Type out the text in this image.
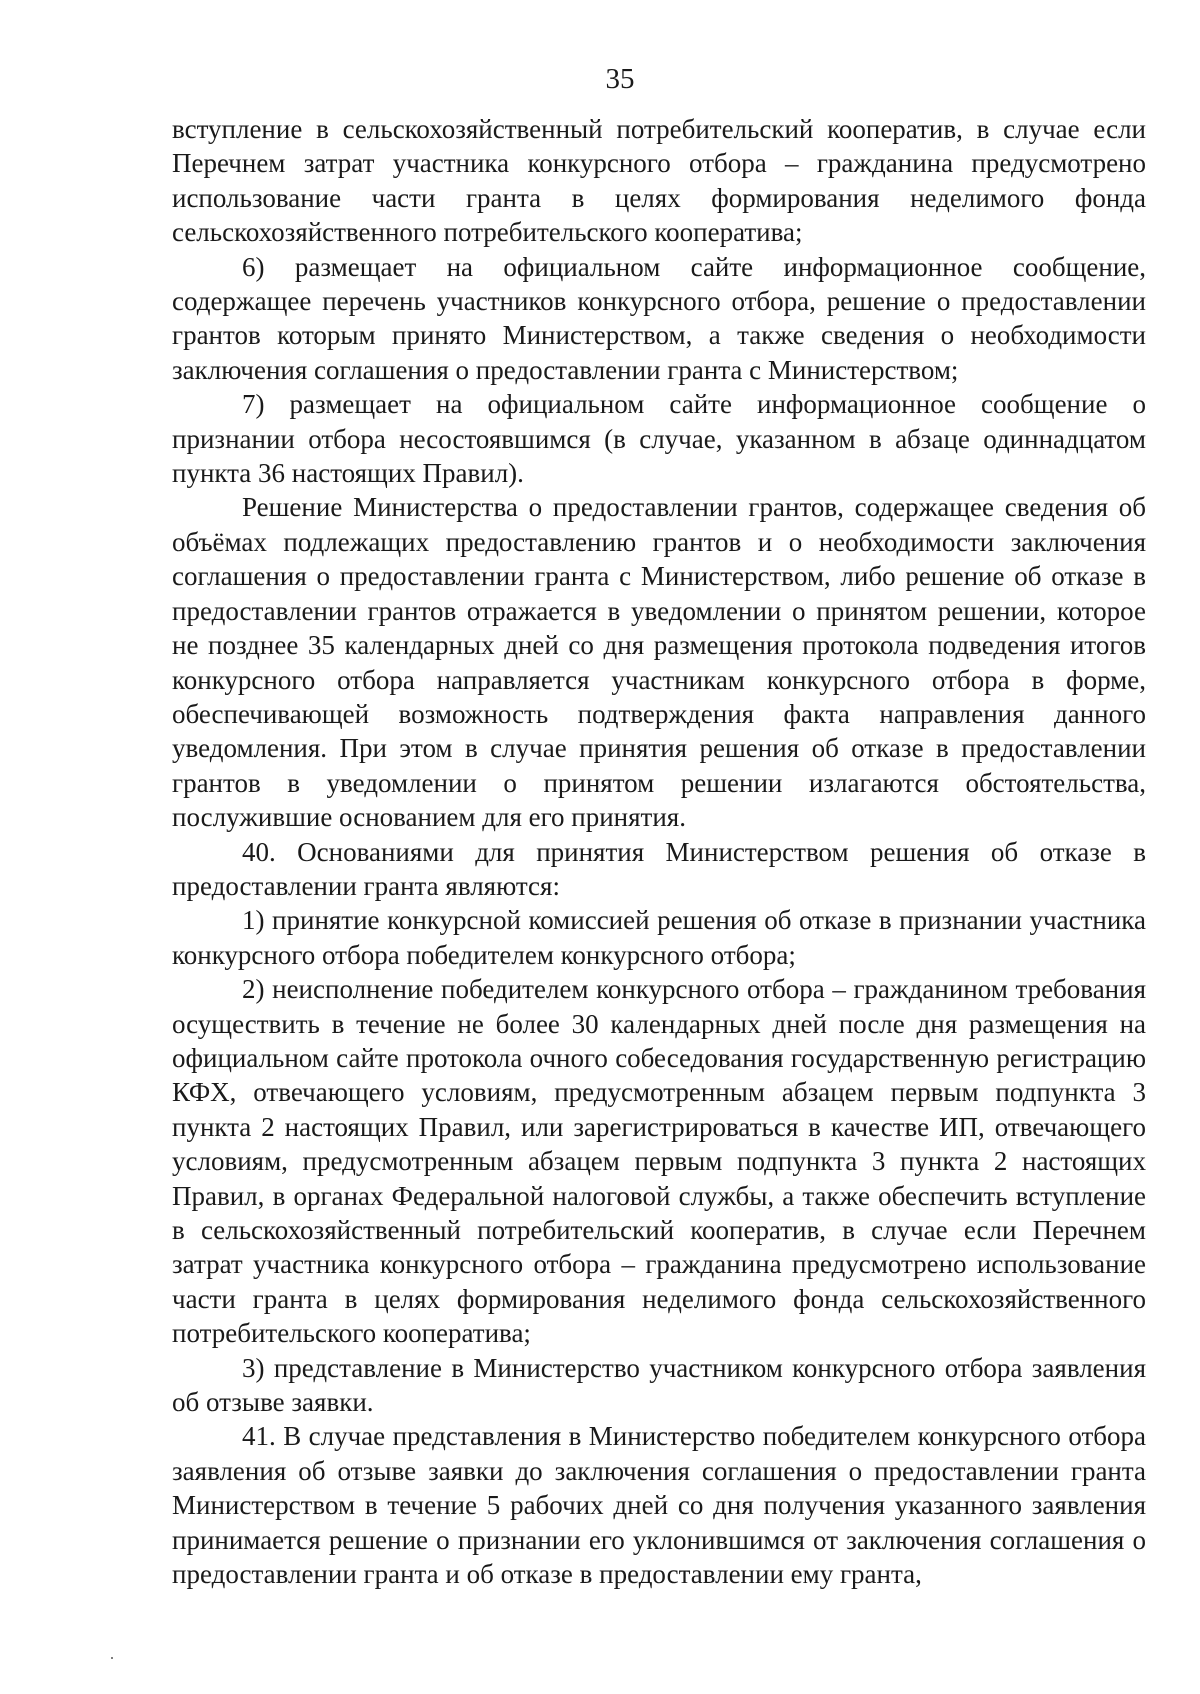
35

вступление в сельскохозяйственный потребительский кооператив, в случае если Перечнем затрат участника конкурсного отбора – гражданина предусмотрено использование части гранта в целях формирования неделимого фонда сельскохозяйственного потребительского кооператива;

6) размещает на официальном сайте информационное сообщение, содержащее перечень участников конкурсного отбора, решение о предоставлении грантов которым принято Министерством, а также сведения о необходимости заключения соглашения о предоставлении гранта с Министерством;

7) размещает на официальном сайте информационное сообщение о признании отбора несостоявшимся (в случае, указанном в абзаце одиннадцатом пункта 36 настоящих Правил).

Решение Министерства о предоставлении грантов, содержащее сведения об объёмах подлежащих предоставлению грантов и о необходимости заключения соглашения о предоставлении гранта с Министерством, либо решение об отказе в предоставлении грантов отражается в уведомлении о принятом решении, которое не позднее 35 календарных дней со дня размещения протокола подведения итогов конкурсного отбора направляется участникам конкурсного отбора в форме, обеспечивающей возможность подтверждения факта направления данного уведомления. При этом в случае принятия решения об отказе в предоставлении грантов в уведомлении о принятом решении излагаются обстоятельства, послужившие основанием для его принятия.

40. Основаниями для принятия Министерством решения об отказе в предоставлении гранта являются:

1) принятие конкурсной комиссией решения об отказе в признании участника конкурсного отбора победителем конкурсного отбора;

2) неисполнение победителем конкурсного отбора – гражданином требования осуществить в течение не более 30 календарных дней после дня размещения на официальном сайте протокола очного собеседования государственную регистрацию КФХ, отвечающего условиям, предусмотренным абзацем первым подпункта 3 пункта 2 настоящих Правил, или зарегистрироваться в качестве ИП, отвечающего условиям, предусмотренным абзацем первым подпункта 3 пункта 2 настоящих Правил, в органах Федеральной налоговой службы, а также обеспечить вступление в сельскохозяйственный потребительский кооператив, в случае если Перечнем затрат участника конкурсного отбора – гражданина предусмотрено использование части гранта в целях формирования неделимого фонда сельскохозяйственного потребительского кооператива;

3) представление в Министерство участником конкурсного отбора заявления об отзыве заявки.

41. В случае представления в Министерство победителем конкурсного отбора заявления об отзыве заявки до заключения соглашения о предоставлении гранта Министерством в течение 5 рабочих дней со дня получения указанного заявления принимается решение о признании его уклонившимся от заключения соглашения о предоставлении гранта и об отказе в предоставлении ему гранта,
